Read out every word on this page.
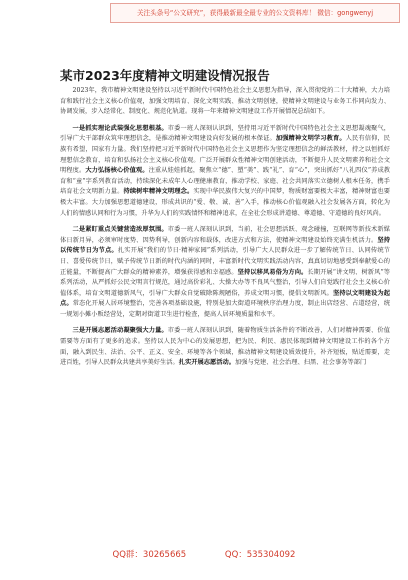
关注头条号“公文研究”，获得最新最全最专业的公文资料库！ 微信：gongwenyj
某市2023年度精神文明建设情况报告

2023年，我市精神文明建设坚持以习近平新时代中国特色社会主义思想为指导，深入贯彻党的二十大精神，大力培育和践行社会主义核心价值观，加强文明培育、深化文明实践、推动文明创建，使精神文明建设与业务工作同向发力、协调发展，步入经常化、制度化、规范化轨道。现将一年来精神文明建设工作开展情况总结如下。

一是抓实理论武装强化思想根基。市委一班人深刻认识到，坚持用习近平新时代中国特色社会主义思想凝魂聚气，引导广大干部群众筑牢理想信念，是推动精神文明建设向好发展的根本保证。加强精神文明学习教育。人民有信仰，民族有希望，国家有力量。我们坚持把习近平新时代中国特色社会主义思想作为坚定理想信念的鲜活教材，持之以恒抓好理想信念教育，培育和弘扬社会主义核心价值观。广泛开展群众性精神文明创建活动，不断提升人民文明素养和社会文明程度。大力弘扬核心价值观。注重从娃娃抓起，聚焦立“德”、塑“美”、践“礼”、育“心”，突出抓好“八礼四仪”养成教育和“童”字系列教育活动，持续深化未成年人心理健康教育，推动学校、家庭、社会共同落实立德树人根本任务，携手培育社会文明新力量。持续树牢精神文明理念。实现中华民族伟大复兴的中国梦，物质财富要极大丰富，精神财富也要极大丰富。大力加强思想道德建设，形成共识的“爱、敬、诚、善”入手，推动核心价值观融入社会发展各方面，转化为人们的情感认同和行为习惯，升华为人们的实践情怀和精神追求，在全社会形成讲道德、尊道德、守道德的良好风尚。

二是紧盯重点关键营造浓厚氛围。市委一班人深刻认识到，当前，社会思想活跃、观念碰撞，互联网等新技术新媒体日新月异，必须审时度势、因势利导，创新内容和载体，改进方式和方法，使精神文明建设始终充满生机活力。坚持以传统节日为节点。扎实开展“我们的节日·精神家园”系列活动，引导广大人民群众进一步了解传统节日、认同传统节日、喜爱传统节日，赋予传统节日新的时代内涵的同时，丰富新时代文明实践活动内容，真真切切地感受到奉献爱心的正能量，不断提高广大群众的精神素养，增强获得感和幸福感。坚持以移风易俗为方向。长期开展“讲文明、树新风”等系列活动，从严抓好公民文明言行规范，通过高价彩礼、大操大办等不良风气整治，引导人们自觉践行社会主义核心价值体系，培育文明道德新风气，引导广大群众自觉破除陈规陋俗，养成文明习惯，提倡文明新风。坚持以文明建设为起点。常态化开展人居环境整治，完善各项基础设施，特别是加大街道环境秩序治理力度，制止出店经营、占道经营，统一规划小摊小贩经营处，定期对街道卫生进行检查，提高人居环境质量和水平。

三是开展志愿活动凝聚强大力量。市委一班人深刻认识到，随着物质生活条件的不断改善，人们对精神需要、价值需要等方面有了更多的追求。坚持以人民为中心的发展思想，把为民、利民、惠民体现到精神文明建设工作的各个方面，融入到民生、法治、公平、正义、安全、环境等各个领域，推动精神文明建设质效提升，补齐短板，贴近需要，走进百姓，引导人民群众共建共享美好生活。扎实开展志愿活动。加强与党建、社会治理、扫黑、社会事务等部门

QQ群：30265665	QQ：535304092
